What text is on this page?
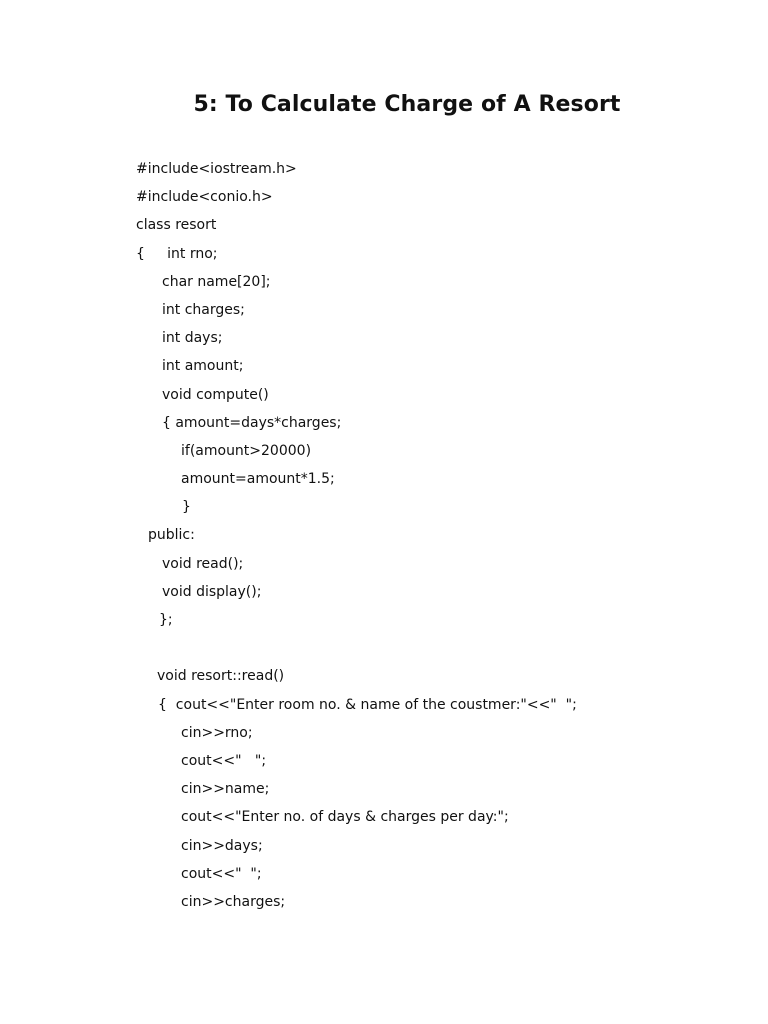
5: To Calculate Charge of A Resort
#include<iostream.h>
#include<conio.h>
class resort
{     int rno;
char name[20];
int charges;
int days;
int amount;
void compute()
{ amount=days*charges;
if(amount>20000)
amount=amount*1.5;
}
public:
void read();
void display();
};
void resort::read()
{  cout<<"Enter room no. & name of the coustmer:"<<"  ";
cin>>rno;
cout<<"   ";
cin>>name;
cout<<"Enter no. of days & charges per day:";
cin>>days;
cout<<"  ";
cin>>charges;
